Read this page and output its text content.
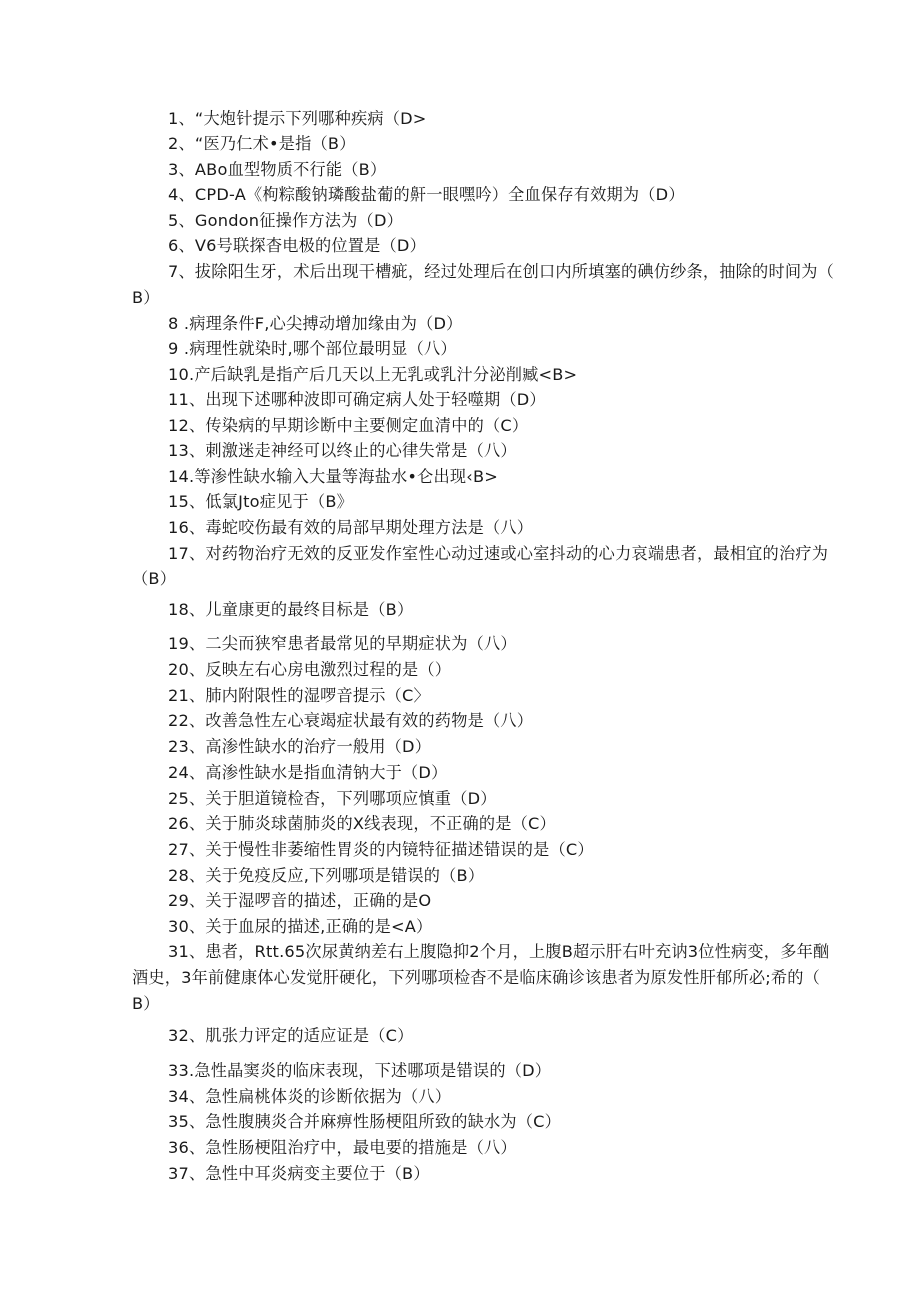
1、“大炮针提示下列哪种疾病（D>
2、“医乃仁术•是指（B）
3、ABo血型物质不行能（B）
4、CPD-A《枸粽酸钠璘酸盐葡的鼾一眼嘿吟）全血保存有效期为（D）
5、Gondon征操作方法为（D）
6、V6号联探杳电极的位置是（D）
7、拔除阳生牙，术后出现干槽疵，经过处理后在创口内所填塞的碘仿纱条，抽除的时间为（
B）
8 .病理条件F,心尖搏动增加缘由为（D）
9 .病理性就染时,哪个部位最明显（八）
10.产后缺乳是指产后几天以上无乳或乳汁分泌削臧<B>
11、出现下述哪种波即可确定病人处于轻噬期（D）
12、传染病的早期诊断中主要侧定血清中的（C）
13、刺激迷走神经可以终止的心律失常是（八）
14.等渗性缺水输入大量等海盐水•仑出现‹B>
15、低氯Jto症见于（B》
16、毒蛇咬伤最有效的局部早期处理方法是（八）
17、对药物治疗无效的反亚发作室性心动过速或心室抖动的心力哀端患者，最相宜的治疗为
（B）
18、儿童康更的最终目标是（B）
19、二尖而狭窄患者最常见的早期症状为（八）
20、反映左右心房电激烈过程的是（）
21、肺内附限性的湿啰音提示（C〉
22、改善急性左心衰竭症状最有效的药物是（八）
23、高渗性缺水的治疗一般用（D）
24、高渗性缺水是指血清钠大于（D）
25、关于胆道镜检杳，下列哪项应慎重（D）
26、关于肺炎球菌肺炎的X线表现，不正确的是（C）
27、关于慢性非萎缩性胃炎的内镜特征描述错误的是（C）
28、关于免疫反应,下列哪项是错误的（B）
29、关于湿啰音的描述，正确的是O
30、关于血尿的描述,正确的是<A）
31、患者，Rtt.65次尿黄纳差右上腹隐抑2个月，上腹B超示肝右叶充讷3位性病变，多年酗
酒史，3年前健康体心发觉肝硬化，下列哪项检杳不是临床确诊该患者为原发性肝郁所必;希的（
B）
32、肌张力评定的适应证是（C）
33.急性晶窦炎的临床表现，下述哪项是错误的（D）
34、急性扁桃体炎的诊断依据为（八）
35、急性腹胰炎合并麻痹性肠梗阻所致的缺水为（C）
36、急性肠梗阻治疗中，最电要的措施是（八）
37、急性中耳炎病变主要位于（B）
